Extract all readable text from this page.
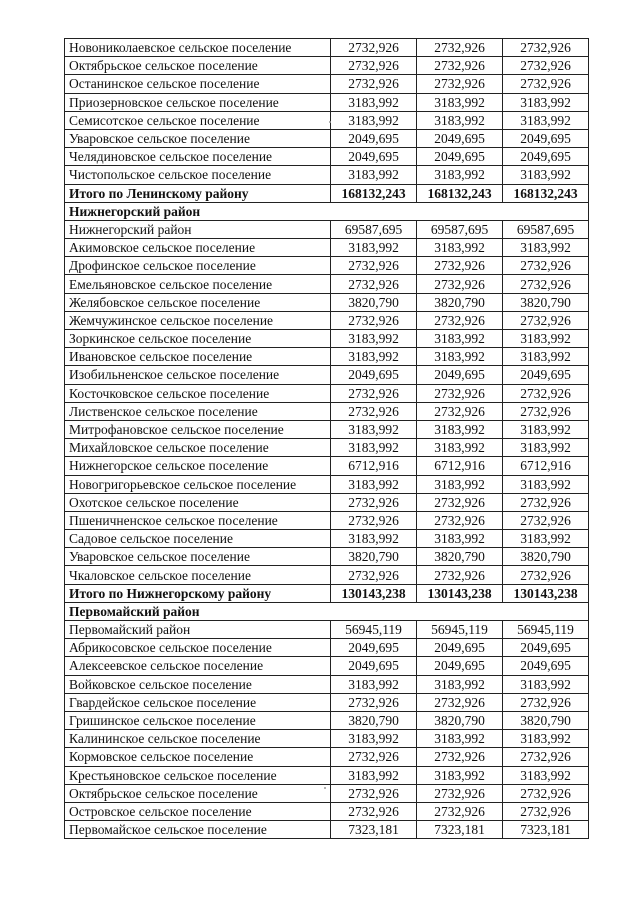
Новониколаевское сельское поселение	2732,926	2732,926	2732,926
Октябрьское сельское поселение	2732,926	2732,926	2732,926
Останинское сельское поселение	2732,926	2732,926	2732,926
Приозерновское сельское поселение	3183,992	3183,992	3183,992
Семисотское сельское поселение	3183,992	3183,992	3183,992
Уваровское сельское поселение	2049,695	2049,695	2049,695
Челядиновское сельское поселение	2049,695	2049,695	2049,695
Чистопольское сельское поселение	3183,992	3183,992	3183,992
Итого по Ленинскому району	168132,243	168132,243	168132,243
Нижнегорский район			
Нижнегорский район	69587,695	69587,695	69587,695
Акимовское сельское поселение	3183,992	3183,992	3183,992
Дрофинское сельское поселение	2732,926	2732,926	2732,926
Емельяновское сельское поселение	2732,926	2732,926	2732,926
Желябовское сельское поселение	3820,790	3820,790	3820,790
Жемчужинское сельское поселение	2732,926	2732,926	2732,926
Зоркинское сельское поселение	3183,992	3183,992	3183,992
Ивановское сельское поселение	3183,992	3183,992	3183,992
Изобильненское сельское поселение	2049,695	2049,695	2049,695
Косточковское сельское поселение	2732,926	2732,926	2732,926
Лиственское сельское поселение	2732,926	2732,926	2732,926
Митрофановское сельское поселение	3183,992	3183,992	3183,992
Михайловское сельское поселение	3183,992	3183,992	3183,992
Нижнегорское сельское поселение	6712,916	6712,916	6712,916
Новогригорьевское сельское поселение	3183,992	3183,992	3183,992
Охотское сельское поселение	2732,926	2732,926	2732,926
Пшеничненское сельское поселение	2732,926	2732,926	2732,926
Садовое сельское поселение	3183,992	3183,992	3183,992
Уваровское сельское поселение	3820,790	3820,790	3820,790
Чкаловское сельское поселение	2732,926	2732,926	2732,926
Итого по Нижнегорскому району	130143,238	130143,238	130143,238
Первомайский район			
Первомайский район	56945,119	56945,119	56945,119
Абрикосовское сельское поселение	2049,695	2049,695	2049,695
Алексеевское сельское поселение	2049,695	2049,695	2049,695
Войковское сельское поселение	3183,992	3183,992	3183,992
Гвардейское сельское поселение	2732,926	2732,926	2732,926
Гришинское сельское поселение	3820,790	3820,790	3820,790
Калининское сельское поселение	3183,992	3183,992	3183,992
Кормовское сельское поселение	2732,926	2732,926	2732,926
Крестьяновское сельское поселение	3183,992	3183,992	3183,992
Октябрьское сельское поселение	2732,926	2732,926	2732,926
Островское сельское поселение	2732,926	2732,926	2732,926
Первомайское сельское поселение	7323,181	7323,181	7323,181
